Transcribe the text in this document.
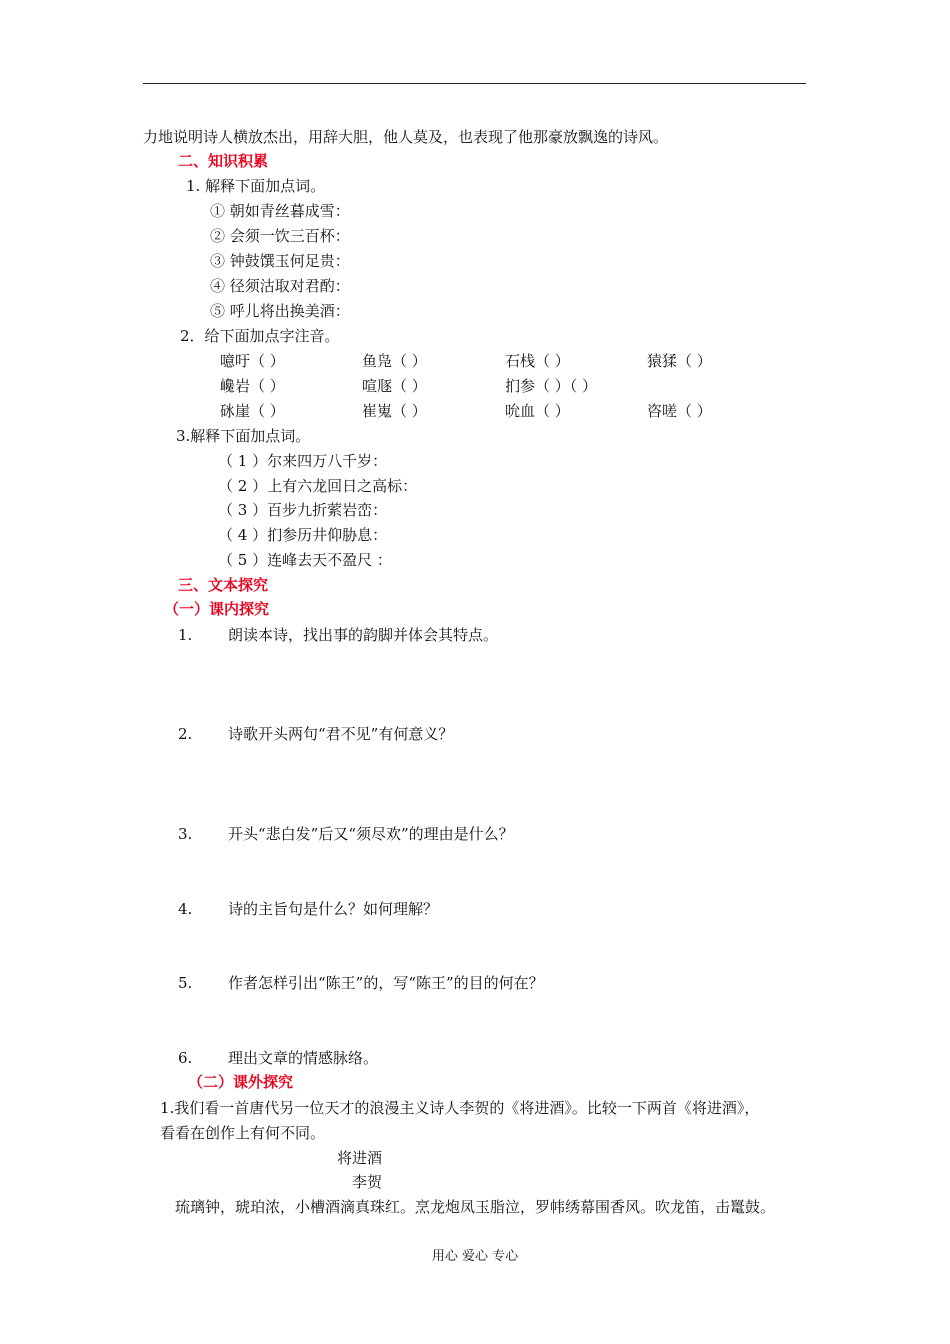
力地说明诗人横放杰出，用辞大胆，他人莫及，也表现了他那豪放飘逸的诗风。
二、知识积累
1. 解释下面加点词。
① 朝如青丝暮成雪：
② 会须一饮三百杯：
③ 钟鼓馔玉何足贵：
④ 径须沽取对君酌：
⑤ 呼儿将出换美酒：
2．给下面加点字注音。
噫吁（ ）	鱼凫（ ）	石栈（ ）	猿猱（ ）
巉岩（ ）	喧豗（ ）	扪参（ ）（ ）
砯崖（ ）	崔嵬（ ）	吮血（ ）	咨嗟（ ）
3.解释下面加点词。
（ 1 ）尔来四万八千岁：
（ 2 ）上有六龙回日之高标：
（ 3 ）百步九折萦岩峦：
（ 4 ）扪参历井仰胁息：
（ 5 ）连峰去天不盈尺 ：
三、文本探究
（一）课内探究
1. 朗读本诗，找出事的韵脚并体会其特点。
2. 诗歌开头两句“君不见”有何意义？
3. 开头“悲白发”后又“须尽欢”的理由是什么？
4. 诗的主旨句是什么？如何理解？
5. 作者怎样引出“陈王”的，写“陈王”的目的何在？
6. 理出文章的情感脉络。
（二）课外探究
1.我们看一首唐代另一位天才的浪漫主义诗人李贺的《将进酒》。比较一下两首《将进酒》，
看看在创作上有何不同。
将进酒
李贺
琉璃钟，琥珀浓，小槽酒滴真珠红。烹龙炮凤玉脂泣，罗帏绣幕围香风。吹龙笛，击鼍鼓。
用心 爱心 专心
